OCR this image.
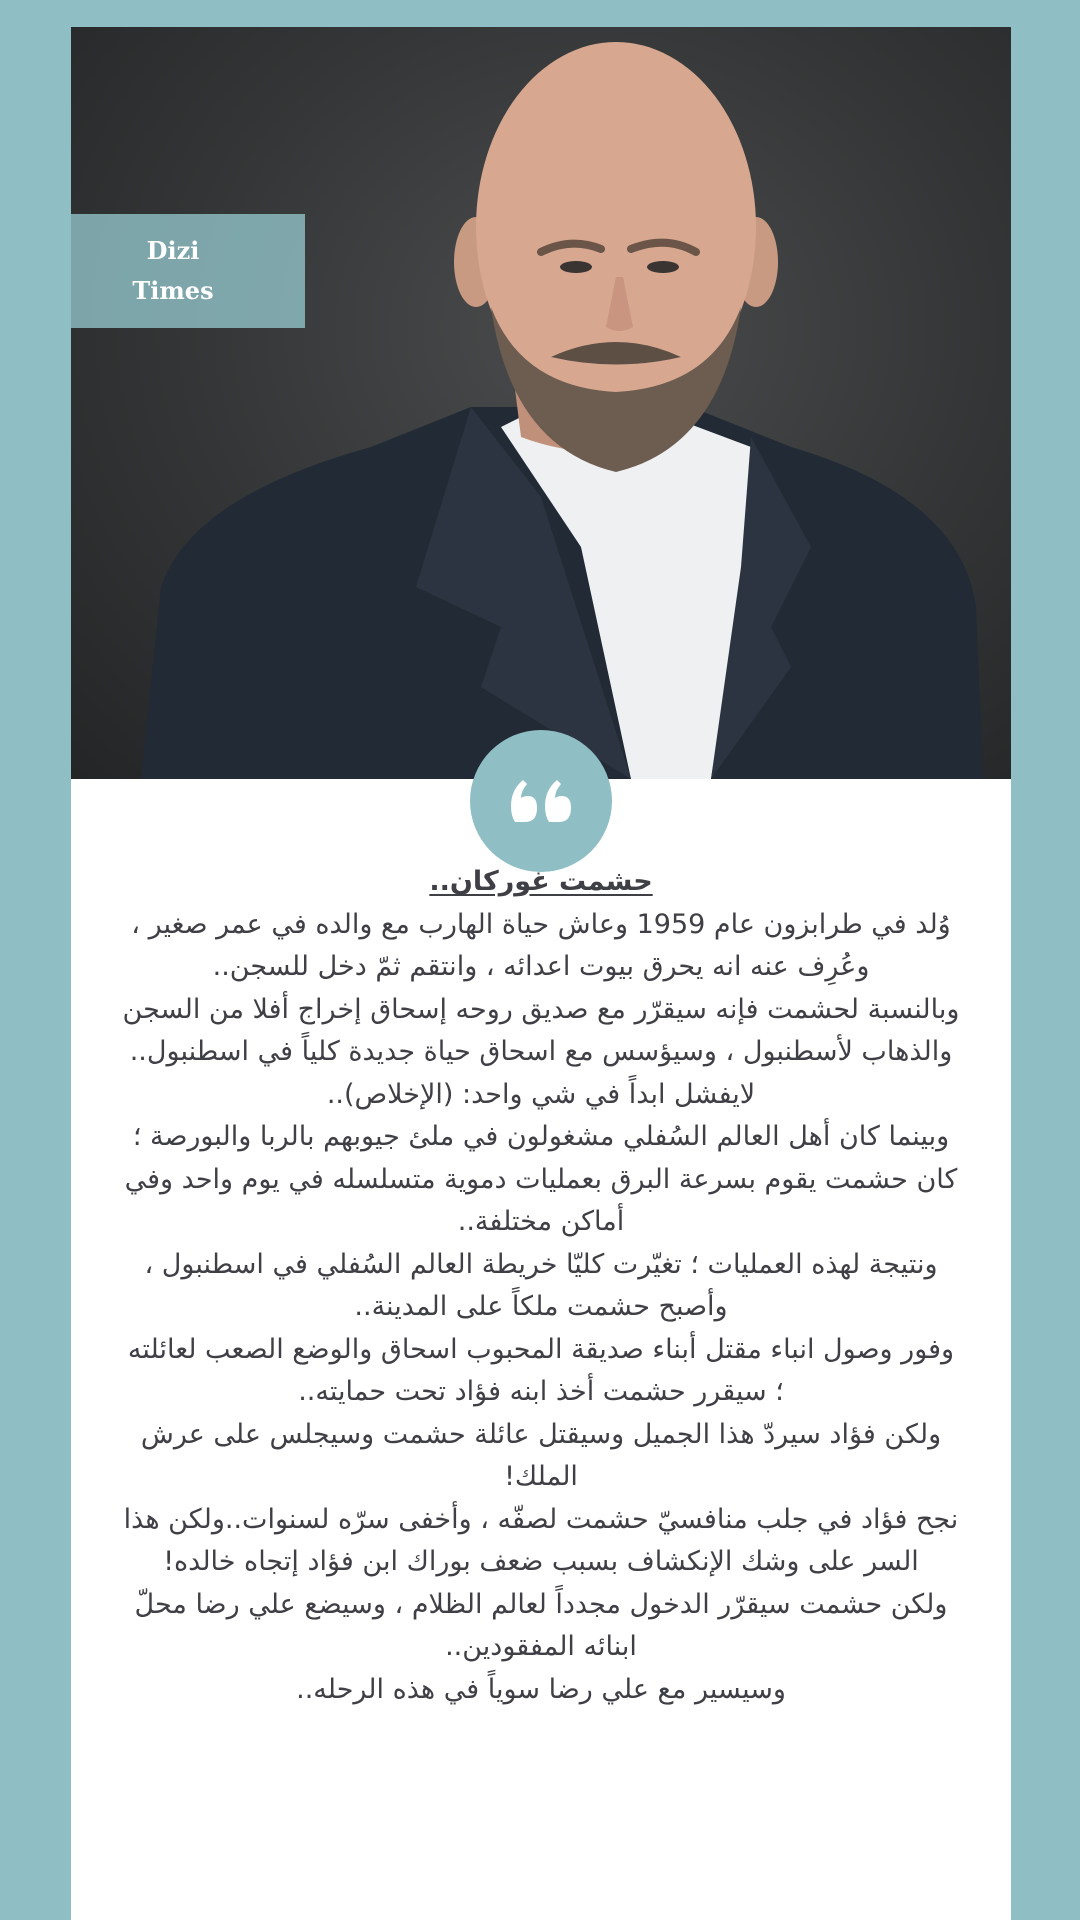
Dizi
Times
حشمت غوركان..

وُلد في طرابزون عام 1959 وعاش حياة الهارب مع والده في عمر صغير ، وعُرِف عنه انه يحرق بيوت اعدائه ، وانتقم ثمّ دخل للسجن..

وبالنسبة لحشمت فإنه سيقرّر مع صديق روحه إسحاق إخراج أفلا من السجن والذهاب لأسطنبول ، وسيؤسس مع اسحاق حياة جديدة كلياً في اسطنبول..

لايفشل ابداً في شي واحد: (الإخلاص)..

وبينما كان أهل العالم السُفلي مشغولون في ملئ جيوبهم بالربا والبورصة ؛ كان حشمت يقوم بسرعة البرق بعمليات دموية متسلسله في يوم واحد وفي أماكن مختلفة..

ونتيجة لهذه العمليات ؛ تغيّرت كليّا خريطة العالم السُفلي في اسطنبول ، وأصبح حشمت ملكاً على المدينة..

وفور وصول انباء مقتل أبناء صديقة المحبوب اسحاق والوضع الصعب لعائلته ؛ سيقرر حشمت أخذ ابنه فؤاد تحت حمايته..

ولكن فؤاد سيردّ هذا الجميل وسيقتل عائلة حشمت وسيجلس على عرش الملك!

نجح فؤاد في جلب منافسيّ حشمت لصفّه ، وأخفى سرّه لسنوات..ولكن هذا السر على وشك الإنكشاف بسبب ضعف بوراك ابن فؤاد إتجاه خالده!

ولكن حشمت سيقرّر الدخول مجدداً لعالم الظلام ، وسيضع علي رضا محلّ ابنائه المفقودين..

وسيسير مع علي رضا سوياً في هذه الرحله..
